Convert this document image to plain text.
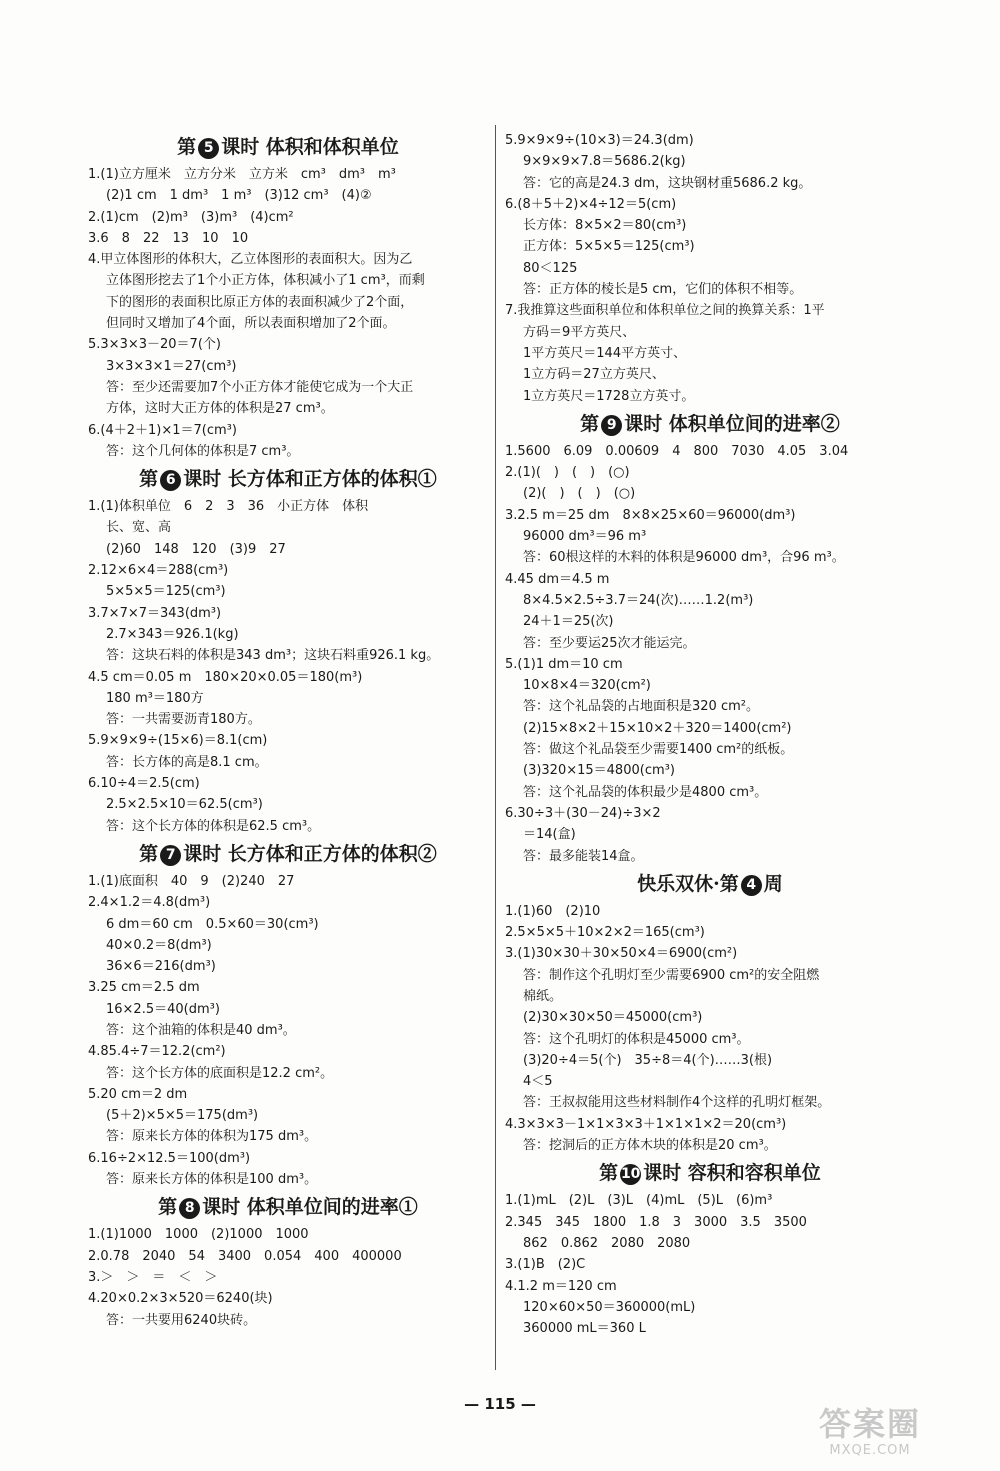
第 5 课时 体积和体积单位
1.(1)立方厘米　立方分米　立方米　cm³　dm³　m³
(2)1 cm　1 dm³　1 m³　(3)12 cm³　(4)②
2.(1)cm　(2)m³　(3)m³　(4)cm²
3.6　8　22　13　10　10
4.甲立体图形的体积大，乙立体图形的表面积大。因为乙
立体图形挖去了1个小正方体，体积减小了1 cm³，而剩
下的图形的表面积比原正方体的表面积减少了2个面，
但同时又增加了4个面，所以表面积增加了2个面。
5.3×3×3－20＝7(个)
3×3×3×1＝27(cm³)
答：至少还需要加7个小正方体才能使它成为一个大正
方体，这时大正方体的体积是27 cm³。
6.(4＋2＋1)×1＝7(cm³)
答：这个几何体的体积是7 cm³。
第 6 课时 长方体和正方体的体积①
1.(1)体积单位　6　2　3　36　小正方体　体积
长、宽、高
(2)60　148　120　(3)9　27
2.12×6×4＝288(cm³)
5×5×5＝125(cm³)
3.7×7×7＝343(dm³)
2.7×343＝926.1(kg)
答：这块石料的体积是343 dm³；这块石料重926.1 kg。
4.5 cm＝0.05 m　180×20×0.05＝180(m³)
180 m³＝180方
答：一共需要沥青180方。
5.9×9×9÷(15×6)＝8.1(cm)
答：长方体的高是8.1 cm。
6.10÷4＝2.5(cm)
2.5×2.5×10＝62.5(cm³)
答：这个长方体的体积是62.5 cm³。
第 7 课时 长方体和正方体的体积②
1.(1)底面积　40　9　(2)240　27
2.4×1.2＝4.8(dm³)
6 dm＝60 cm　0.5×60＝30(cm³)
40×0.2＝8(dm³)
36×6＝216(dm³)
3.25 cm＝2.5 dm
16×2.5＝40(dm³)
答：这个油箱的体积是40 dm³。
4.85.4÷7＝12.2(cm²)
答：这个长方体的底面积是12.2 cm²。
5.20 cm＝2 dm
(5＋2)×5×5＝175(dm³)
答：原来长方体的体积为175 dm³。
6.16÷2×12.5＝100(dm³)
答：原来长方体的体积是100 dm³。
第 8 课时 体积单位间的进率①
1.(1)1000　1000　(2)1000　1000
2.0.78　2040　54　3400　0.054　400　400000
3.＞　＞　＝　＜　＞
4.20×0.2×3×520＝6240(块)
答：一共要用6240块砖。
5.9×9×9÷(10×3)＝24.3(dm)
9×9×9×7.8＝5686.2(kg)
答：它的高是24.3 dm，这块钢材重5686.2 kg。
6.(8＋5＋2)×4÷12＝5(cm)
长方体：8×5×2＝80(cm³)
正方体：5×5×5＝125(cm³)
80＜125
答：正方体的棱长是5 cm，它们的体积不相等。
7.我推算这些面积单位和体积单位之间的换算关系：1平
方码＝9平方英尺、
1平方英尺＝144平方英寸、
1立方码＝27立方英尺、
1立方英尺＝1728立方英寸。
第 9 课时 体积单位间的进率②
1.5600　6.09　0.00609　4　800　7030　4.05　3.04
2.(1)(　)　(　)　(○)
(2)(　)　(　)　(○)
3.2.5 m＝25 dm　8×8×25×60＝96000(dm³)
96000 dm³＝96 m³
答：60根这样的木料的体积是96000 dm³，合96 m³。
4.45 dm＝4.5 m
8×4.5×2.5÷3.7＝24(次)……1.2(m³)
24＋1＝25(次)
答：至少要运25次才能运完。
5.(1)1 dm＝10 cm
10×8×4＝320(cm²)
答：这个礼品袋的占地面积是320 cm²。
(2)15×8×2＋15×10×2＋320＝1400(cm²)
答：做这个礼品袋至少需要1400 cm²的纸板。
(3)320×15＝4800(cm³)
答：这个礼品袋的体积最少是4800 cm³。
6.30÷3＋(30－24)÷3×2
＝14(盒)
答：最多能装14盒。
快乐双休·第 4 周
1.(1)60　(2)10
2.5×5×5＋10×2×2＝165(cm³)
3.(1)30×30＋30×50×4＝6900(cm²)
答：制作这个孔明灯至少需要6900 cm²的安全阻燃
棉纸。
(2)30×30×50＝45000(cm³)
答：这个孔明灯的体积是45000 cm³。
(3)20÷4＝5(个)　35÷8＝4(个)……3(根)
4＜5
答：王叔叔能用这些材料制作4个这样的孔明灯框架。
4.3×3×3－1×1×3×3＋1×1×1×2＝20(cm³)
答：挖洞后的正方体木块的体积是20 cm³。
第 10 课时 容积和容积单位
1.(1)mL　(2)L　(3)L　(4)mL　(5)L　(6)m³
2.345　345　1800　1.8　3　3000　3.5　3500
862　0.862　2080　2080
3.(1)B　(2)C
4.1.2 m＝120 cm
120×60×50＝360000(mL)
360000 mL＝360 L
— 115 —
答案圈
MXQE.COM
